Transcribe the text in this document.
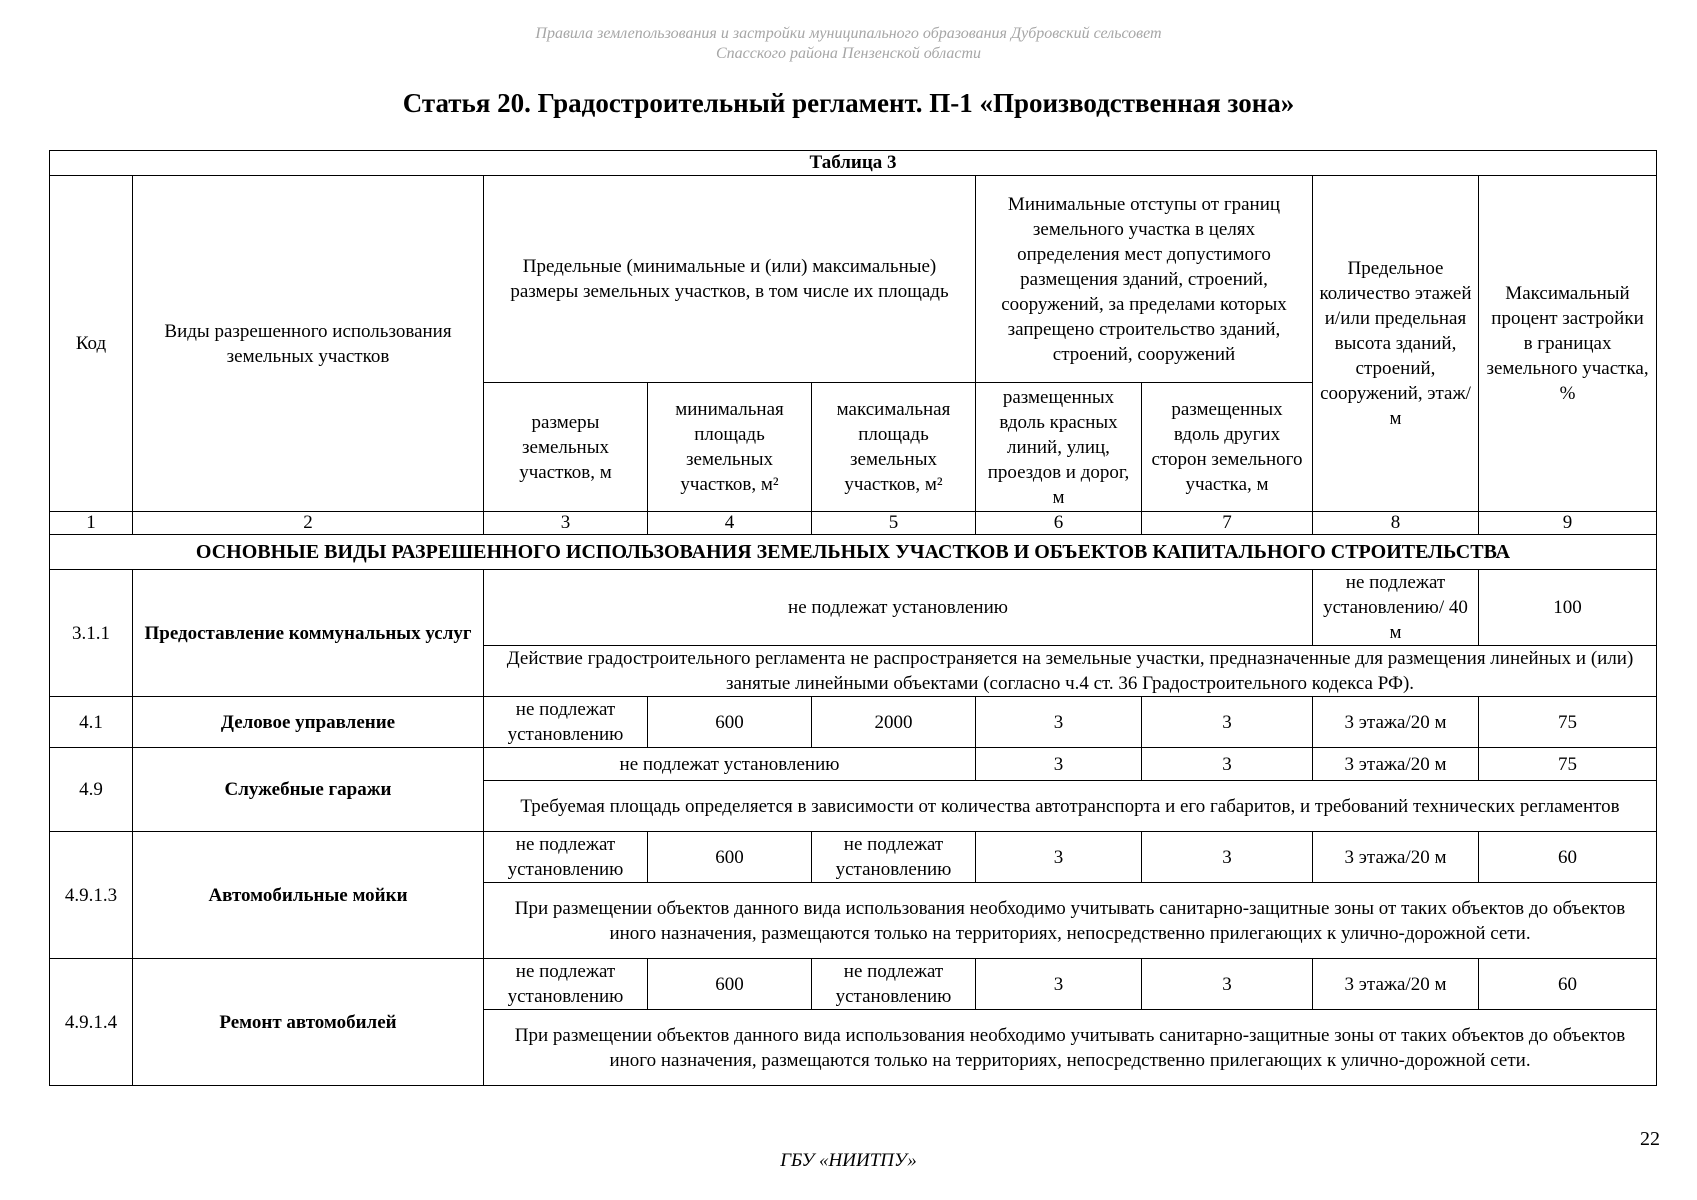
Правила землепользования и застройки муниципального образования Дубровский сельсовет
Спасского района Пензенской области
Статья 20. Градостроительный регламент. П-1 «Производственная зона»
Таблица 3								
Код	Виды разрешенного использования земельных участков	Предельные (минимальные и (или) максимальные) размеры земельных участков, в том числе их площадь			Минимальные отступы от границ земельного участка в целях определения мест допустимого размещения зданий, строений, сооружений, за пределами которых запрещено строительство зданий, строений, сооружений		Предельное количество этажей и/или предельная высота зданий, строений, сооружений, этаж/м	Максимальный процент застройки в границах земельного участка, %
		размеры земельных участков, м	минимальная площадь земельных участков, м²	максимальная площадь земельных участков, м²	размещенных вдоль красных линий, улиц, проездов и дорог, м	размещенных вдоль других сторон земельного участка, м		
1	2	3	4	5	6	7	8	9
ОСНОВНЫЕ ВИДЫ РАЗРЕШЕННОГО ИСПОЛЬЗОВАНИЯ ЗЕМЕЛЬНЫХ УЧАСТКОВ И ОБЪЕКТОВ КАПИТАЛЬНОГО СТРОИТЕЛЬСТВА								
3.1.1	Предоставление коммунальных услуг	не подлежат установлению					не подлежат установлению/ 40 м	100
		Действие градостроительного регламента не распространяется на земельные участки, предназначенные для размещения линейных и (или) занятые линейными объектами (согласно ч.4 ст. 36 Градостроительного кодекса РФ).						
4.1	Деловое управление	не подлежат установлению	600	2000	3	3	3 этажа/20 м	75
4.9	Служебные гаражи	не подлежат установлению			3	3	3 этажа/20 м	75
		Требуемая площадь определяется в зависимости от количества автотранспорта и его габаритов, и требований технических регламентов						
4.9.1.3	Автомобильные мойки	не подлежат установлению	600	не подлежат установлению	3	3	3 этажа/20 м	60
		При размещении объектов данного вида использования необходимо учитывать санитарно-защитные зоны от таких объектов до объектов иного назначения, размещаются только на территориях, непосредственно прилегающих к улично-дорожной сети.						
4.9.1.4	Ремонт автомобилей	не подлежат установлению	600	не подлежат установлению	3	3	3 этажа/20 м	60
		При размещении объектов данного вида использования необходимо учитывать санитарно-защитные зоны от таких объектов до объектов иного назначения, размещаются только на территориях, непосредственно прилегающих к улично-дорожной сети.						
22
ГБУ «НИИТПУ»
